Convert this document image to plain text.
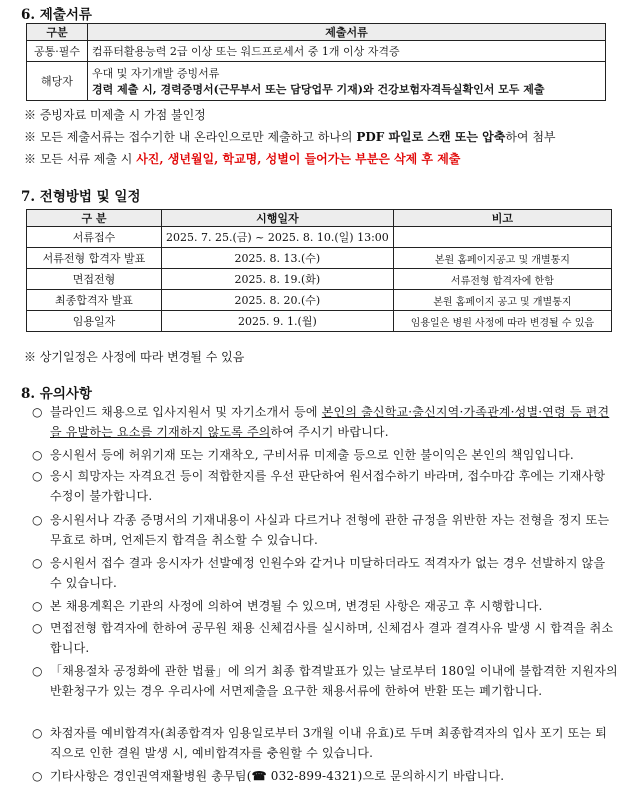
6. 제출서류
구분	제출서류
공통·필수	컴퓨터활용능력 2급 이상 또는 워드프로세서 중 1개 이상 자격증
해당자	우대 및 자기개발 증빙서류
경력 제출 시, 경력증명서(근무부서 또는 담당업무 기재)와 건강보험자격득실확인서 모두 제출
※ 증빙자료 미제출 시 가점 불인정
※ 모든 제출서류는 접수기한 내 온라인으로만 제출하고 하나의 PDF 파일로 스캔 또는 압축하여 첨부
※ 모든 서류 제출 시 사진, 생년월일, 학교명, 성별이 들어가는 부분은 삭제 후 제출
7. 전형방법 및 일정
구 분	시행일자	비고
서류접수	2025. 7. 25.(금) ~ 2025. 8. 10.(일) 13:00	
서류전형 합격자 발표	2025. 8. 13.(수)	본원 홈페이지공고 및 개별통지
면접전형	2025. 8. 19.(화)	서류전형 합격자에 한함
최종합격자 발표	2025. 8. 20.(수)	본원 홈페이지 공고 및 개별통지
임용일자	2025. 9. 1.(월)	임용일은 병원 사정에 따라 변경될 수 있음
※ 상기일정은 사정에 따라 변경될 수 있음
8. 유의사항
○ 블라인드 채용으로 입사지원서 및 자기소개서 등에 본인의 출신학교·출신지역·가족관계·성별·연령 등 편견을 유발하는 요소를 기재하지 않도록 주의하여 주시기 바랍니다.
○ 응시원서 등에 허위기재 또는 기재착오, 구비서류 미제출 등으로 인한 불이익은 본인의 책임입니다.
○ 응시 희망자는 자격요건 등이 적합한지를 우선 판단하여 원서접수하기 바라며, 접수마감 후에는 기재사항 수정이 불가합니다.
○ 응시원서나 각종 증명서의 기재내용이 사실과 다르거나 전형에 관한 규정을 위반한 자는 전형을 정지 또는 무효로 하며, 언제든지 합격을 취소할 수 있습니다.
○ 응시원서 접수 결과 응시자가 선발예정 인원수와 같거나 미달하더라도 적격자가 없는 경우 선발하지 않을 수 있습니다.
○ 본 채용계획은 기관의 사정에 의하여 변경될 수 있으며, 변경된 사항은 재공고 후 시행합니다.
○ 면접전형 합격자에 한하여 공무원 채용 신체검사를 실시하며, 신체검사 결과 결격사유 발생 시 합격을 취소합니다.
○ 「채용절차 공정화에 관한 법률」에 의거 최종 합격발표가 있는 날로부터 180일 이내에 불합격한 지원자의 반환청구가 있는 경우 우리사에 서면제출을 요구한 채용서류에 한하여 반환 또는 폐기합니다.
○ 차점자를 예비합격자(최종합격자 임용일로부터 3개월 이내 유효)로 두며 최종합격자의 입사 포기 또는 퇴직으로 인한 결원 발생 시, 예비합격자를 충원할 수 있습니다.
○ 기타사항은 경인권역재활병원 총무팀(☎ 032-899-4321)으로 문의하시기 바랍니다.
